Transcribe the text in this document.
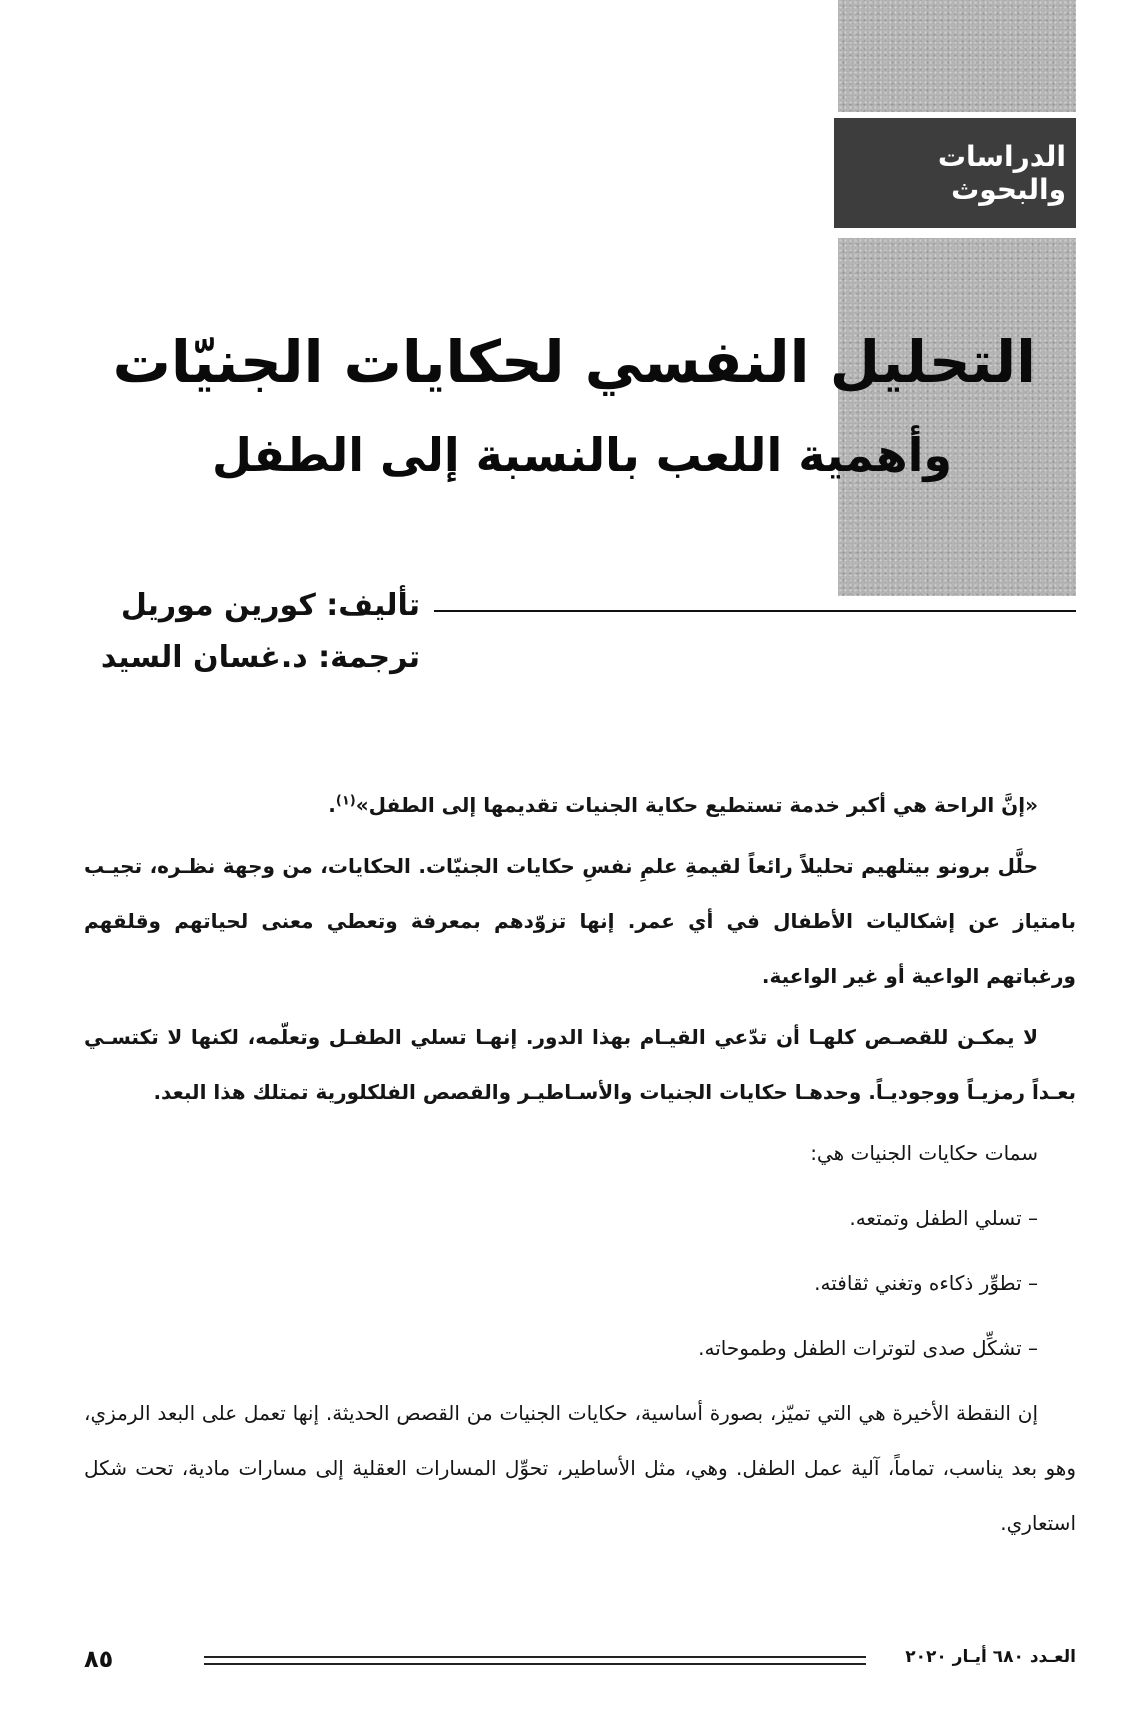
الدراسات والبحوث
التحليل النفسي لحكايات الجنيّات
وأهمية اللعب بالنسبة إلى الطفل
تأليف: كورين موريل
ترجمة: د.غسان السيد

«إنَّ الراحة هي أكبر خدمة تستطيع حكاية الجنيات تقديمها إلى الطفل»$^{(١)}$.

حلَّل برونو بيتلهيم تحليلاً رائعاً لقيمةِ علمِ نفسِ حكايات الجنيّات. الحكايات، من وجهة نظـره، تجيـب بامتياز عن إشكاليات الأطفال في أي عمر. إنها تزوّدهم بمعرفة وتعطي معنى لحياتهم وقلقهم ورغباتهم الواعية أو غير الواعية.

لا يمكـن للقصـص كلهـا أن تدّعي القيـام بهذا الدور. إنهـا تسلي الطفـل وتعلّمه، لكنها لا تكتسـي بعـداً رمزيـاً ووجوديـاً. وحدهـا حكايات الجنيات والأسـاطيـر والقصص الفلكلورية تمتلك هذا البعد.

سمات حكايات الجنيات هي:

– تسلي الطفل وتمتعه.

– تطوِّر ذكاءه وتغني ثقافته.

– تشكِّل صدى لتوترات الطفل وطموحاته.

إن النقطة الأخيرة هي التي تميّز، بصورة أساسية، حكايات الجنيات من القصص الحديثة. إنها تعمل على البعد الرمزي، وهو بعد يناسب، تماماً، آلية عمل الطفل. وهي، مثل الأساطير، تحوِّل المسارات العقلية إلى مسارات مادية، تحت شكل استعاري.

٨٥	العـدد ٦٨٠ أيـار ٢٠٢٠
